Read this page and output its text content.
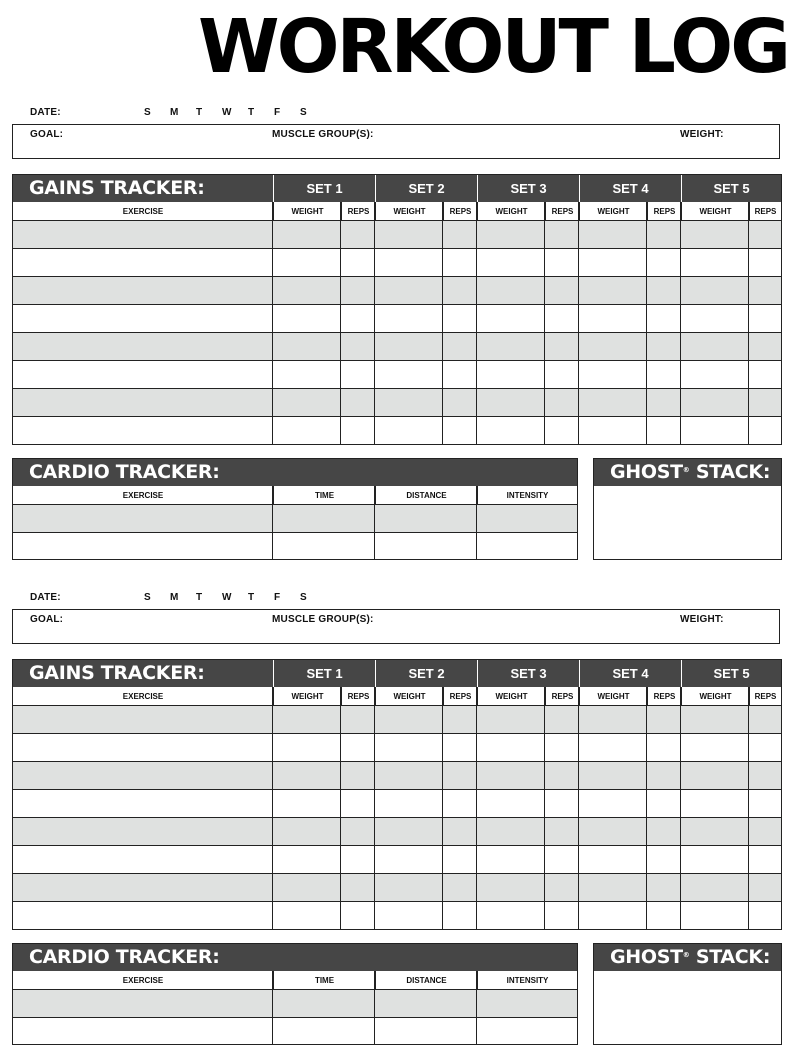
WORKOUT LOG
DATE:	S M T W T F S
GOAL:	MUSCLE GROUP(S):	WEIGHT:
GAINS TRACKER:	SET 1	SET 2	SET 3	SET 4	SET 5
EXERCISE	WEIGHT	REPS	WEIGHT	REPS	WEIGHT	REPS	WEIGHT	REPS	WEIGHT	REPS
CARDIO TRACKER:
EXERCISE	TIME	DISTANCE	INTENSITY
GHOST® STACK:
DATE:	S M T W T F S
GOAL:	MUSCLE GROUP(S):	WEIGHT:
GAINS TRACKER:	SET 1	SET 2	SET 3	SET 4	SET 5
EXERCISE	WEIGHT	REPS	WEIGHT	REPS	WEIGHT	REPS	WEIGHT	REPS	WEIGHT	REPS
CARDIO TRACKER:
EXERCISE	TIME	DISTANCE	INTENSITY
GHOST® STACK:
